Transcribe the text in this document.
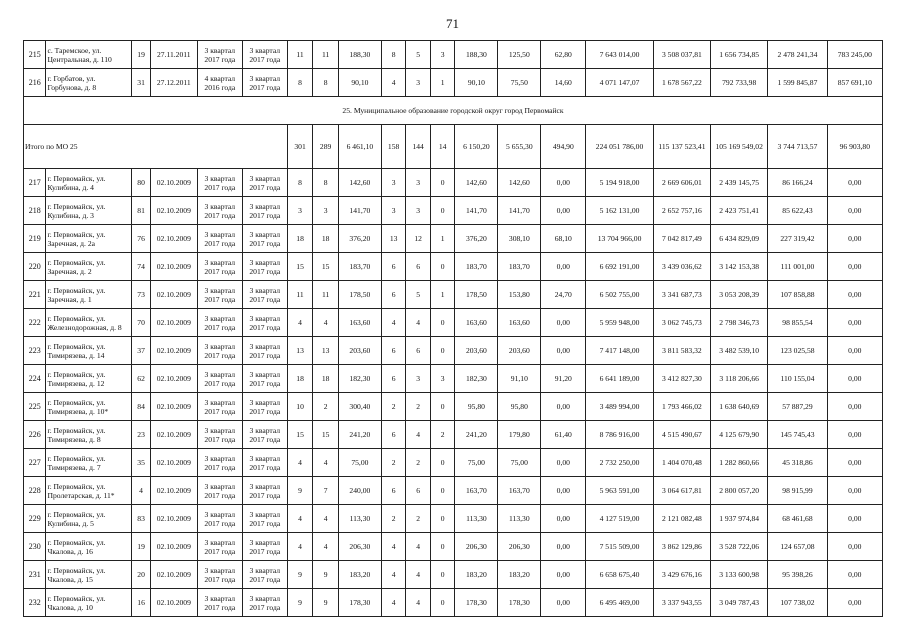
71
215	с. Таремское, ул. Центральная, д. 110	19	27.11.2011	3 квартал 2017 года	3 квартал 2017 года	11	11	188,30	8	5	3	188,30	125,50	62,80	7 643 014,00	3 508 037,81	1 656 734,85	2 478 241,34	783 245,00
216	г. Горбатов, ул. Горбунова, д. 8	31	27.12.2011	4 квартал 2016 года	3 квартал 2017 года	8	8	90,10	4	3	1	90,10	75,50	14,60	4 071 147,07	1 678 567,22	792 733,98	1 599 845,87	857 691,10
25. Муниципальное образование городской округ город Первомайск																			
Итого по МО 25						301	289	6 461,10	158	144	14	6 150,20	5 655,30	494,90	224 051 786,00	115 137 523,41	105 169 549,02	3 744 713,57	96 903,80
217	г. Первомайск, ул. Кулибина, д. 4	80	02.10.2009	3 квартал 2017 года	3 квартал 2017 года	8	8	142,60	3	3	0	142,60	142,60	0,00	5 194 918,00	2 669 606,01	2 439 145,75	86 166,24	0,00
218	г. Первомайск, ул. Кулибина, д. 3	81	02.10.2009	3 квартал 2017 года	3 квартал 2017 года	3	3	141,70	3	3	0	141,70	141,70	0,00	5 162 131,00	2 652 757,16	2 423 751,41	85 622,43	0,00
219	г. Первомайск, ул. Заречная, д. 2а	76	02.10.2009	3 квартал 2017 года	3 квартал 2017 года	18	18	376,20	13	12	1	376,20	308,10	68,10	13 704 966,00	7 042 817,49	6 434 829,09	227 319,42	0,00
220	г. Первомайск, ул. Заречная, д. 2	74	02.10.2009	3 квартал 2017 года	3 квартал 2017 года	15	15	183,70	6	6	0	183,70	183,70	0,00	6 692 191,00	3 439 036,62	3 142 153,38	111 001,00	0,00
221	г. Первомайск, ул. Заречная, д. 1	73	02.10.2009	3 квартал 2017 года	3 квартал 2017 года	11	11	178,50	6	5	1	178,50	153,80	24,70	6 502 755,00	3 341 687,73	3 053 208,39	107 858,88	0,00
222	г. Первомайск, ул. Железнодорожная, д. 8	70	02.10.2009	3 квартал 2017 года	3 квартал 2017 года	4	4	163,60	4	4	0	163,60	163,60	0,00	5 959 948,00	3 062 745,73	2 798 346,73	98 855,54	0,00
223	г. Первомайск, ул. Тимирязева, д. 14	37	02.10.2009	3 квартал 2017 года	3 квартал 2017 года	13	13	203,60	6	6	0	203,60	203,60	0,00	7 417 148,00	3 811 583,32	3 482 539,10	123 025,58	0,00
224	г. Первомайск, ул. Тимирязева, д. 12	62	02.10.2009	3 квартал 2017 года	3 квартал 2017 года	18	18	182,30	6	3	3	182,30	91,10	91,20	6 641 189,00	3 412 827,30	3 118 206,66	110 155,04	0,00
225	г. Первомайск, ул. Тимирязева, д. 10*	84	02.10.2009	3 квартал 2017 года	3 квартал 2017 года	10	2	300,40	2	2	0	95,80	95,80	0,00	3 489 994,00	1 793 466,02	1 638 640,69	57 887,29	0,00
226	г. Первомайск, ул. Тимирязева, д. 8	23	02.10.2009	3 квартал 2017 года	3 квартал 2017 года	15	15	241,20	6	4	2	241,20	179,80	61,40	8 786 916,00	4 515 490,67	4 125 679,90	145 745,43	0,00
227	г. Первомайск, ул. Тимирязева, д. 7	35	02.10.2009	3 квартал 2017 года	3 квартал 2017 года	4	4	75,00	2	2	0	75,00	75,00	0,00	2 732 250,00	1 404 070,48	1 282 860,66	45 318,86	0,00
228	г. Первомайск, ул. Пролетарская, д. 11*	4	02.10.2009	3 квартал 2017 года	3 квартал 2017 года	9	7	240,00	6	6	0	163,70	163,70	0,00	5 963 591,00	3 064 617,81	2 800 057,20	98 915,99	0,00
229	г. Первомайск, ул. Кулибина, д. 5	83	02.10.2009	3 квартал 2017 года	3 квартал 2017 года	4	4	113,30	2	2	0	113,30	113,30	0,00	4 127 519,00	2 121 082,48	1 937 974,84	68 461,68	0,00
230	г. Первомайск, ул. Чкалова, д. 16	19	02.10.2009	3 квартал 2017 года	3 квартал 2017 года	4	4	206,30	4	4	0	206,30	206,30	0,00	7 515 509,00	3 862 129,86	3 528 722,06	124 657,08	0,00
231	г. Первомайск, ул. Чкалова, д. 15	20	02.10.2009	3 квартал 2017 года	3 квартал 2017 года	9	9	183,20	4	4	0	183,20	183,20	0,00	6 658 675,40	3 429 676,16	3 133 600,98	95 398,26	0,00
232	г. Первомайск, ул. Чкалова, д. 10	16	02.10.2009	3 квартал 2017 года	3 квартал 2017 года	9	9	178,30	4	4	0	178,30	178,30	0,00	6 495 469,00	3 337 943,55	3 049 787,43	107 738,02	0,00
